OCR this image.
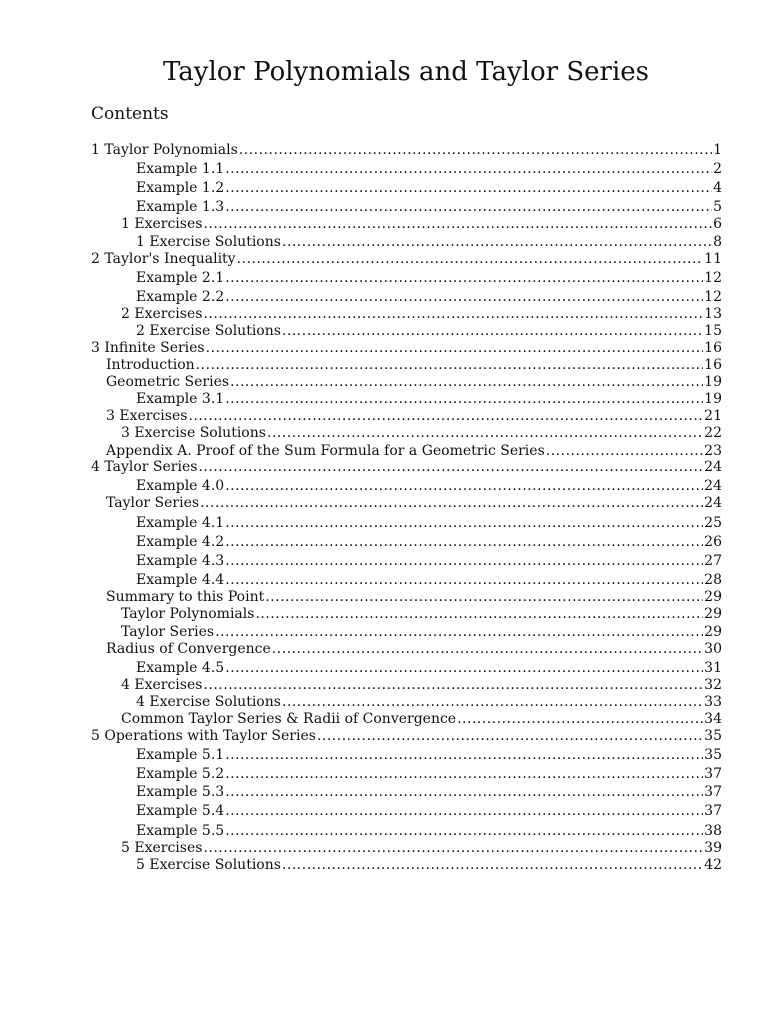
Taylor Polynomials and Taylor Series
Contents
1 Taylor Polynomials .....	1
Example 1.1 .....	2
Example 1.2 .....	4
Example 1.3 .....	5
1 Exercises .....	6
1 Exercise Solutions .....	8
2 Taylor's Inequality .....	11
Example 2.1 .....	12
Example 2.2 .....	12
2 Exercises .....	13
2 Exercise Solutions .....	15
3 Infinite Series .....	16
Introduction .....	16
Geometric Series .....	19
Example 3.1 .....	19
3 Exercises .....	21
3 Exercise Solutions .....	22
Appendix A. Proof of the Sum Formula for a Geometric Series .....	23
4 Taylor Series .....	24
Example 4.0 .....	24
Taylor Series .....	24
Example 4.1 .....	25
Example 4.2 .....	26
Example 4.3 .....	27
Example 4.4 .....	28
Summary to this Point .....	29
Taylor Polynomials .....	29
Taylor Series .....	29
Radius of Convergence .....	30
Example 4.5 .....	31
4 Exercises .....	32
4 Exercise Solutions .....	33
Common Taylor Series & Radii of Convergence .....	34
5 Operations with Taylor Series .....	35
Example 5.1 .....	35
Example 5.2 .....	37
Example 5.3 .....	37
Example 5.4 .....	37
Example 5.5 .....	38
5 Exercises .....	39
5 Exercise Solutions .....	42
